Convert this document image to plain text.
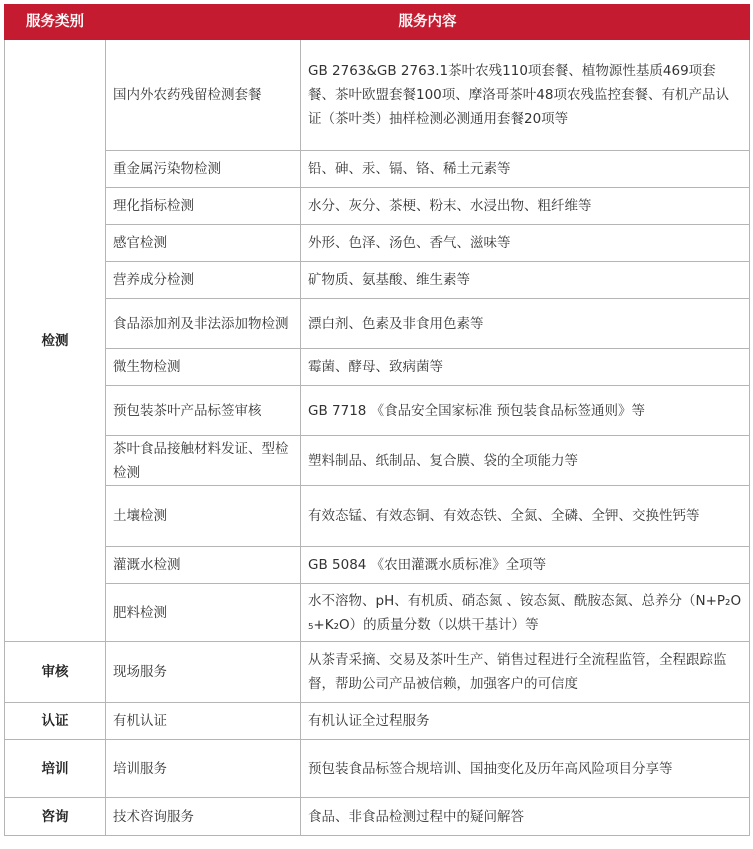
服务类别	服务内容	
检测	国内外农药残留检测套餐	GB 2763&GB 2763.1茶叶农残110项套餐、植物源性基质469项套餐、茶叶欧盟套餐100项、摩洛哥茶叶48项农残监控套餐、有机产品认证（茶叶类）抽样检测必测通用套餐20项等
	重金属污染物检测	铅、砷、汞、镉、铬、稀土元素等
	理化指标检测	水分、灰分、茶梗、粉末、水浸出物、粗纤维等
	感官检测	外形、色泽、汤色、香气、滋味等
	营养成分检测	矿物质、氨基酸、维生素等
	食品添加剂及非法添加物检测	漂白剂、色素及非食用色素等
	微生物检测	霉菌、酵母、致病菌等
	预包装茶叶产品标签审核	GB 7718 《食品安全国家标准 预包装食品标签通则》等
	茶叶食品接触材料发证、型检检测	塑料制品、纸制品、复合膜、袋的全项能力等
	土壤检测	有效态锰、有效态铜、有效态铁、全氮、全磷、全钾、交换性钙等
	灌溉水检测	GB 5084 《农田灌溉水质标准》全项等
	肥料检测	水不溶物、pH、有机质、硝态氮 、铵态氮、酰胺态氮、总养分（N+P₂O₅+K₂O）的质量分数（以烘干基计）等
审核	现场服务	从茶青采摘、交易及茶叶生产、销售过程进行全流程监管，全程跟踪监督，帮助公司产品被信赖，加强客户的可信度
认证	有机认证	有机认证全过程服务
培训	培训服务	预包装食品标签合规培训、国抽变化及历年高风险项目分享等
咨询	技术咨询服务	食品、非食品检测过程中的疑问解答
